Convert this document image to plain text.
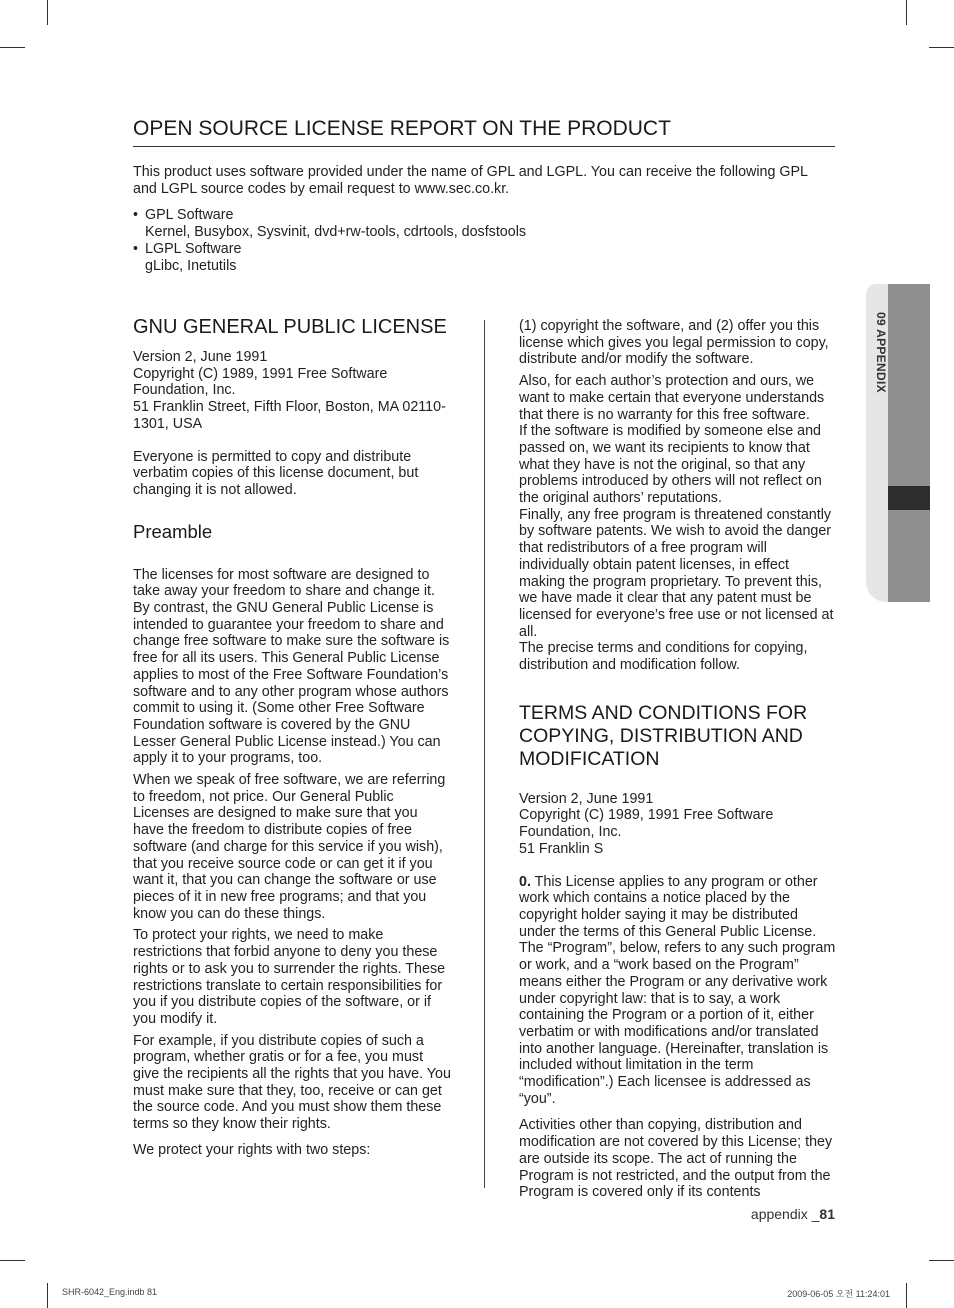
OPEN SOURCE LICENSE REPORT ON THE PRODUCT

This product uses software provided under the name of GPL and LGPL. You can receive the following GPL and LGPL source codes by email request to www.sec.co.kr.

• GPL Software
Kernel, Busybox, Sysvinit, dvd+rw-tools, cdrtools, dosfstools
• LGPL Software
gLibc, Inetutils
GNU GENERAL PUBLIC LICENSE
Version 2, June 1991
Copyright (C) 1989, 1991 Free Software Foundation, Inc.
51 Franklin Street, Fifth Floor, Boston, MA 02110-1301, USA

Everyone is permitted to copy and distribute verbatim copies of this license document, but changing it is not allowed.

Preamble

The licenses for most software are designed to take away your freedom to share and change it. By contrast, the GNU General Public License is intended to guarantee your freedom to share and change free software to make sure the software is free for all its users. This General Public License applies to most of the Free Software Foundation’s software and to any other program whose authors commit to using it. (Some other Free Software Foundation software is covered by the GNU Lesser General Public License instead.) You can apply it to your programs, too.

When we speak of free software, we are referring to freedom, not price. Our General Public Licenses are designed to make sure that you have the freedom to distribute copies of free software (and charge for this service if you wish), that you receive source code or can get it if you want it, that you can change the software or use pieces of it in new free programs; and that you know you can do these things.

To protect your rights, we need to make restrictions that forbid anyone to deny you these rights or to ask you to surrender the rights. These restrictions translate to certain responsibilities for you if you distribute copies of the software, or if you modify it.

For example, if you distribute copies of such a program, whether gratis or for a fee, you must give the recipients all the rights that you have. You must make sure that they, too, receive or can get the source code. And you must show them these terms so they know their rights.

We protect your rights with two steps:

(1) copyright the software, and (2) offer you this license which gives you legal permission to copy, distribute and/or modify the software.

Also, for each author’s protection and ours, we want to make certain that everyone understands that there is no warranty for this free software.

If the software is modified by someone else and passed on, we want its recipients to know that what they have is not the original, so that any problems introduced by others will not reflect on the original authors’ reputations.

Finally, any free program is threatened constantly by software patents. We wish to avoid the danger that redistributors of a free program will individually obtain patent licenses, in effect making the program proprietary. To prevent this, we have made it clear that any patent must be licensed for everyone’s free use or not licensed at all.

The precise terms and conditions for copying, distribution and modification follow.

TERMS AND CONDITIONS FOR COPYING, DISTRIBUTION AND MODIFICATION
Version 2, June 1991
Copyright (C) 1989, 1991 Free Software Foundation, Inc.
51 Franklin S

0. This License applies to any program or other work which contains a notice placed by the copyright holder saying it may be distributed under the terms of this General Public License. The “Program”, below, refers to any such program or work, and a “work based on the Program” means either the Program or any derivative work under copyright law: that is to say, a work containing the Program or a portion of it, either verbatim or with modifications and/or translated into another language. (Hereinafter, translation is included without limitation in the term “modification”.) Each licensee is addressed as “you”.

Activities other than copying, distribution and modification are not covered by this License; they are outside its scope. The act of running the Program is not restricted, and the output from the Program is covered only if its contents

09 APPENDIX
appendix _81
SHR-6042_Eng.indb 81	2009-06-05 오전 11:24:01
